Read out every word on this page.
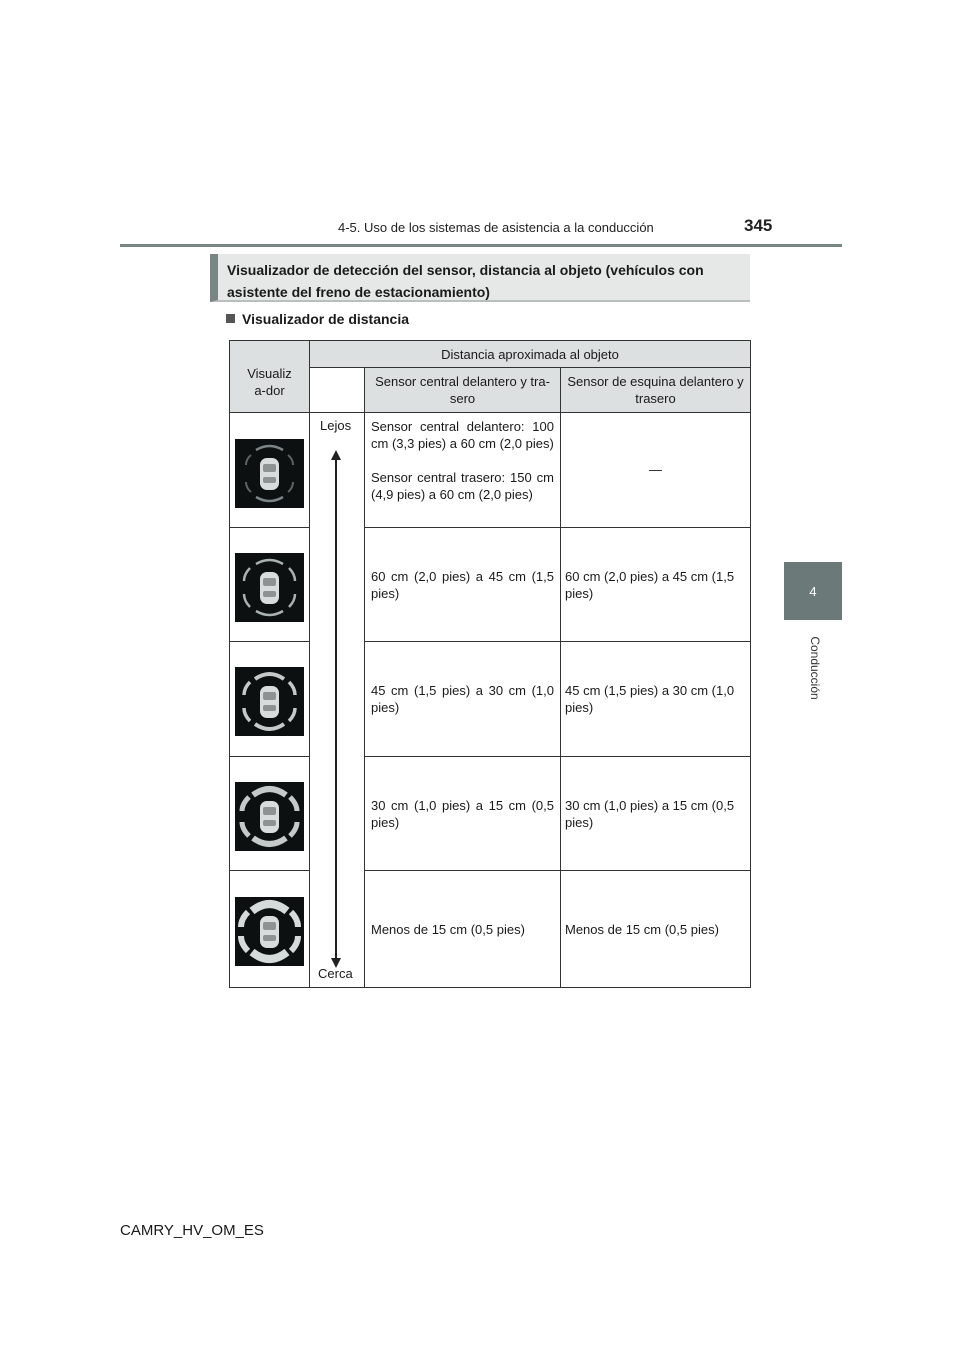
4-5. Uso de los sistemas de asistencia a la conducción	345
4
Conducción
Visualizador de detección del sensor, distancia al objeto (vehículos con asistente del freno de estacionamiento)
Visualizador de distancia
Visualiza-dor
Distancia aproximada al objeto
Sensor central delantero y tra-sero
Sensor de esquina delantero y trasero
Sensor central delantero: 100 cm (3,3 pies) a 60 cm (2,0 pies)
Sensor central trasero: 150 cm (4,9 pies) a 60 cm (2,0 pies)
—
60 cm (2,0 pies) a 45 cm (1,5 pies)
60 cm (2,0 pies) a 45 cm (1,5 pies)
45 cm (1,5 pies) a 30 cm (1,0 pies)
45 cm (1,5 pies) a 30 cm (1,0 pies)
30 cm (1,0 pies) a 15 cm (0,5 pies)
30 cm (1,0 pies) a 15 cm (0,5 pies)
Menos de 15 cm (0,5 pies)	Menos de 15 cm (0,5 pies)
Lejos
Cerca
CAMRY_HV_OM_ES
